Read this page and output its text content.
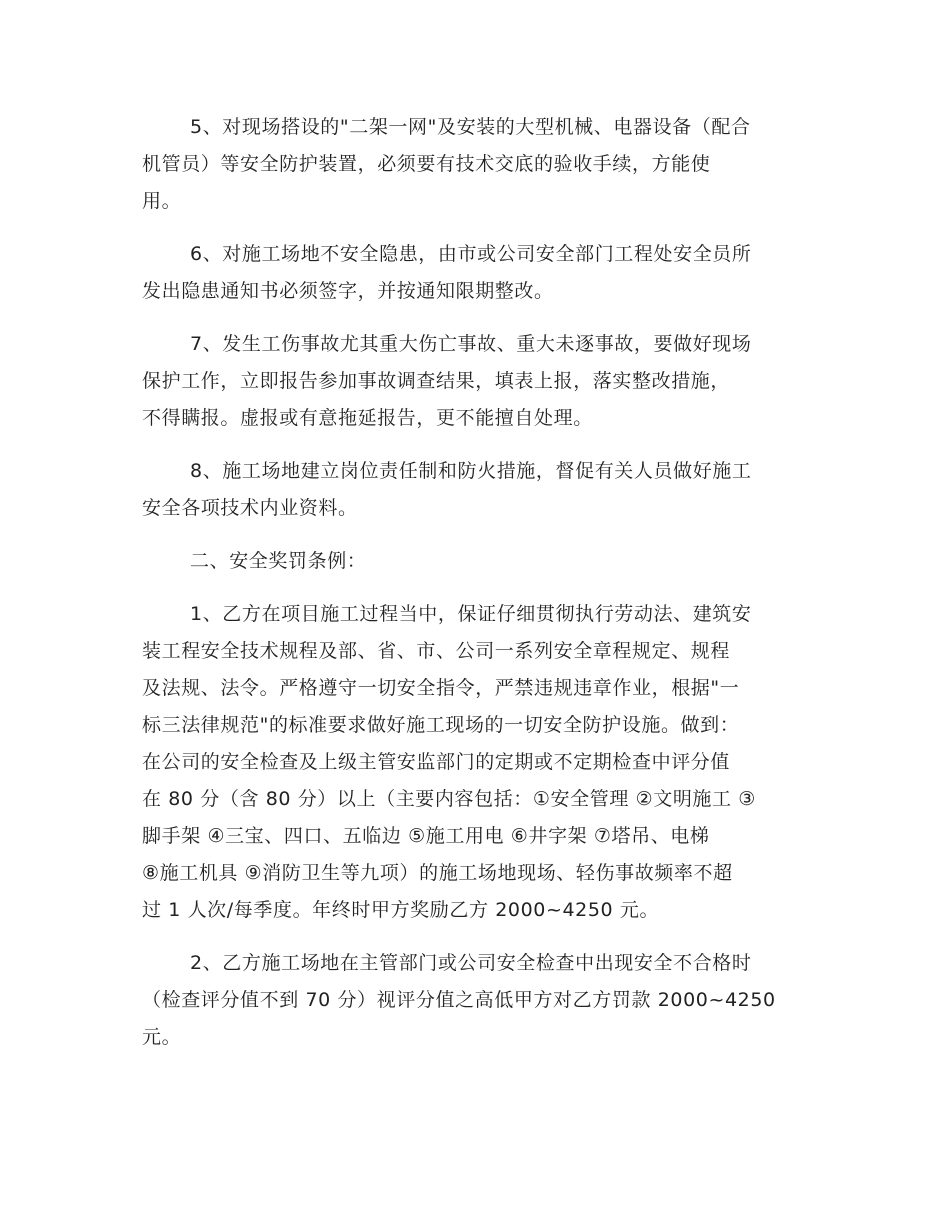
5、对现场搭设的"二架一网"及安装的大型机械、电器设备（配合
机管员）等安全防护装置，必须要有技术交底的验收手续，方能使
用。
6、对施工场地不安全隐患，由市或公司安全部门工程处安全员所
发出隐患通知书必须签字，并按通知限期整改。
7、发生工伤事故尤其重大伤亡事故、重大未逐事故，要做好现场
保护工作，立即报告参加事故调查结果，填表上报，落实整改措施，
不得瞒报。虚报或有意拖延报告，更不能擅自处理。
8、施工场地建立岗位责任制和防火措施，督促有关人员做好施工
安全各项技术内业资料。
二、安全奖罚条例：
1、乙方在项目施工过程当中，保证仔细贯彻执行劳动法、建筑安
装工程安全技术规程及部、省、市、公司一系列安全章程规定、规程
及法规、法令。严格遵守一切安全指令，严禁违规违章作业，根据"一
标三法律规范"的标准要求做好施工现场的一切安全防护设施。做到：
在公司的安全检查及上级主管安监部门的定期或不定期检查中评分值
在 80 分（含 80 分）以上（主要内容包括：①安全管理 ②文明施工 ③
脚手架 ④三宝、四口、五临边 ⑤施工用电 ⑥井字架 ⑦塔吊、电梯
⑧施工机具 ⑨消防卫生等九项）的施工场地现场、轻伤事故频率不超
过 1 人次/每季度。年终时甲方奖励乙方 2000~4250 元。
2、乙方施工场地在主管部门或公司安全检查中出现安全不合格时
（检查评分值不到 70 分）视评分值之高低甲方对乙方罚款 2000~4250
元。
